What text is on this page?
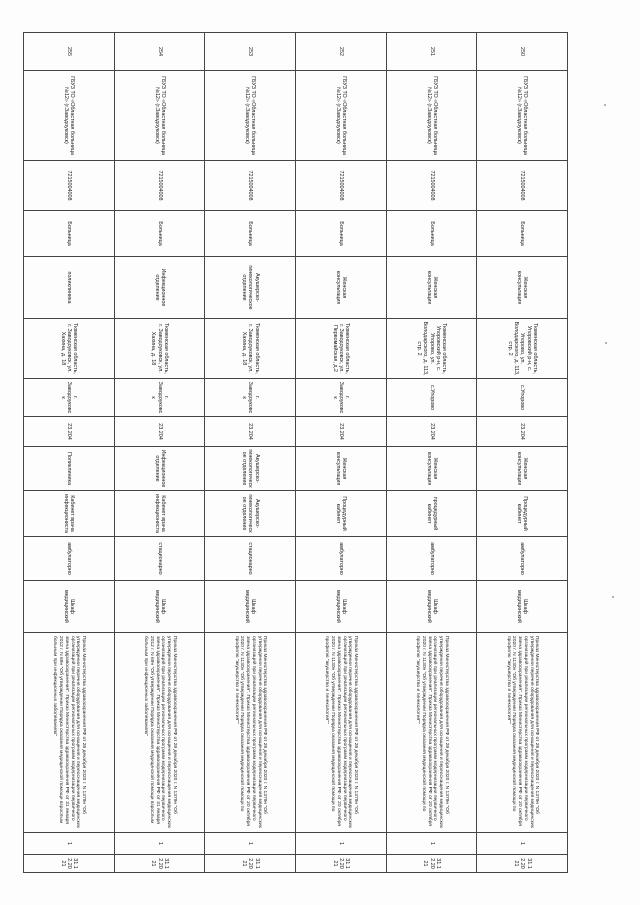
250	ГБУЗ ТО «Областная больница №12» (г.Заводоуковск)	7215004008	Больница	Женская консультация	Тюменская область, Упоровский р-н, с. Упорово, ул. Володарского, д. 113, стр. 2	с.Упорово	23.204	Женская консультация	Процедурный кабинет	амбулаторно	Шкаф медицинский	Приказ Министерства здравоохранения РФ от 28 декабря 2020 г. N 1379н "Об утверждении перечня оборудования для оснащения и переоснащения медицинских организаций при реализации региональных программ модернизации первичного звена здравоохранения". Приказ Министерства здравоохранения РФ от 20 октября 2020 г. N 1130н "Об утверждении Порядка оказания медицинской помощи по профилю "акушерство и гинекология""	1	31.12.2021
251	ГБУЗ ТО «Областная больница №12» (г.Заводоуковск)	7215004008	Больница	Женская консультация	Тюменская область, Упоровский р-н, с. Упорово, ул. Володарского, д. 113, стр. 2	с.Упорово	23.204	Женская консультация	процедурный кабинет	амбулаторно	Шкаф медицинский	Приказ Министерства здравоохранения РФ от 28 декабря 2020 г. N 1379н "Об утверждении перечня оборудования для оснащения и переоснащения медицинских организаций при реализации региональных программ модернизации первичного звена здравоохранения". Приказ Министерства здравоохранения РФ от 20 октября 2020 г. N 1130н "Об утверждении Порядка оказания медицинской помощи по профилю "акушерство и гинекология""	1	31.12.2021
252	ГБУЗ ТО «Областная больница №12» (г.Заводоуковск)	7215004008	Больница	Женская консультация	Тюменская область, г. Заводоуковск, ул. Первомайская, д.2	г. Заводоуковск	23.204	Женская консультация	Процедурный кабинет	амбулаторно	Шкаф медицинский	Приказ Министерства здравоохранения РФ от 28 декабря 2020 г. N 1379н "Об утверждении перечня оборудования для оснащения и переоснащения медицинских организаций при реализации региональных программ модернизации первичного звена здравоохранения". Приказ Министерства здравоохранения РФ от 20 октября 2020 г. N 1130н "Об утверждении Порядка оказания медицинской помощи по профилю "акушерство и гинекология""	1	31.12.2021
253	ГБУЗ ТО «Областная больница №12» (г.Заводоуковск)	7215004008	Больница	Акушерско-гинекологическое отделение	Тюменская область, г. Заводоуковск, ул. Хахина, д. 18	г. Заводоуковск	23.204	Акушерско-гинекологическое отделение	Акушерско-гинекологическое отделение	стационарно	Шкаф медицинский	Приказ Министерства здравоохранения РФ от 28 декабря 2020 г. N 1379н "Об утверждении перечня оборудования для оснащения и переоснащения медицинских организаций при реализации региональных программ модернизации первичного звена здравоохранения". Приказ Министерства здравоохранения РФ от 20 октября 2020 г. N 1130н "Об утверждении Порядка оказания медицинской помощи по профилю "акушерство и гинекология""	1	31.12.2021
254	ГБУЗ ТО «Областная больница №12» (г.Заводоуковск)	7215004008	Больница	Инфекционное отделение	Тюменская область, г. Заводоуковск, ул. Хахина, д. 18	г. Заводоуковск	23.204	Инфекционное отделение	Кабинет врача инфекциониста	стационарно	Шкаф медицинский	Приказ Министерства здравоохранения РФ от 28 декабря 2020 г. N 1379н "Об утверждении перечня оборудования для оснащения и переоснащения медицинских организаций при реализации региональных программ модернизации первичного звена здравоохранения". Приказ Министерства здравоохранения РФ от 31 января 2012 г. N 69н "Об утверждении Порядка оказания медицинской помощи взрослым больным при инфекционных заболеваниях"	1	31.12.2021
255	ГБУЗ ТО «Областная больница №12» (г.Заводоуковск)	7215004008	Больница	поликлиника	Тюменская область, г. Заводоуковск, ул. Хахина, д. 18	г. Заводоуковск	23.204	Поликлиника	Кабинет врача инфекциониста	амбулаторно	Шкаф медицинский	Приказ Министерства здравоохранения РФ от 28 декабря 2020 г. N 1379н "Об утверждении перечня оборудования для оснащения и переоснащения медицинских организаций при реализации региональных программ модернизации первичного звена здравоохранения". Приказ Министерства здравоохранения РФ от 31 января 2012 г. N 69н "Об утверждении Порядка оказания медицинской помощи взрослым больным при инфекционных заболеваниях"	1	31.12.2021
